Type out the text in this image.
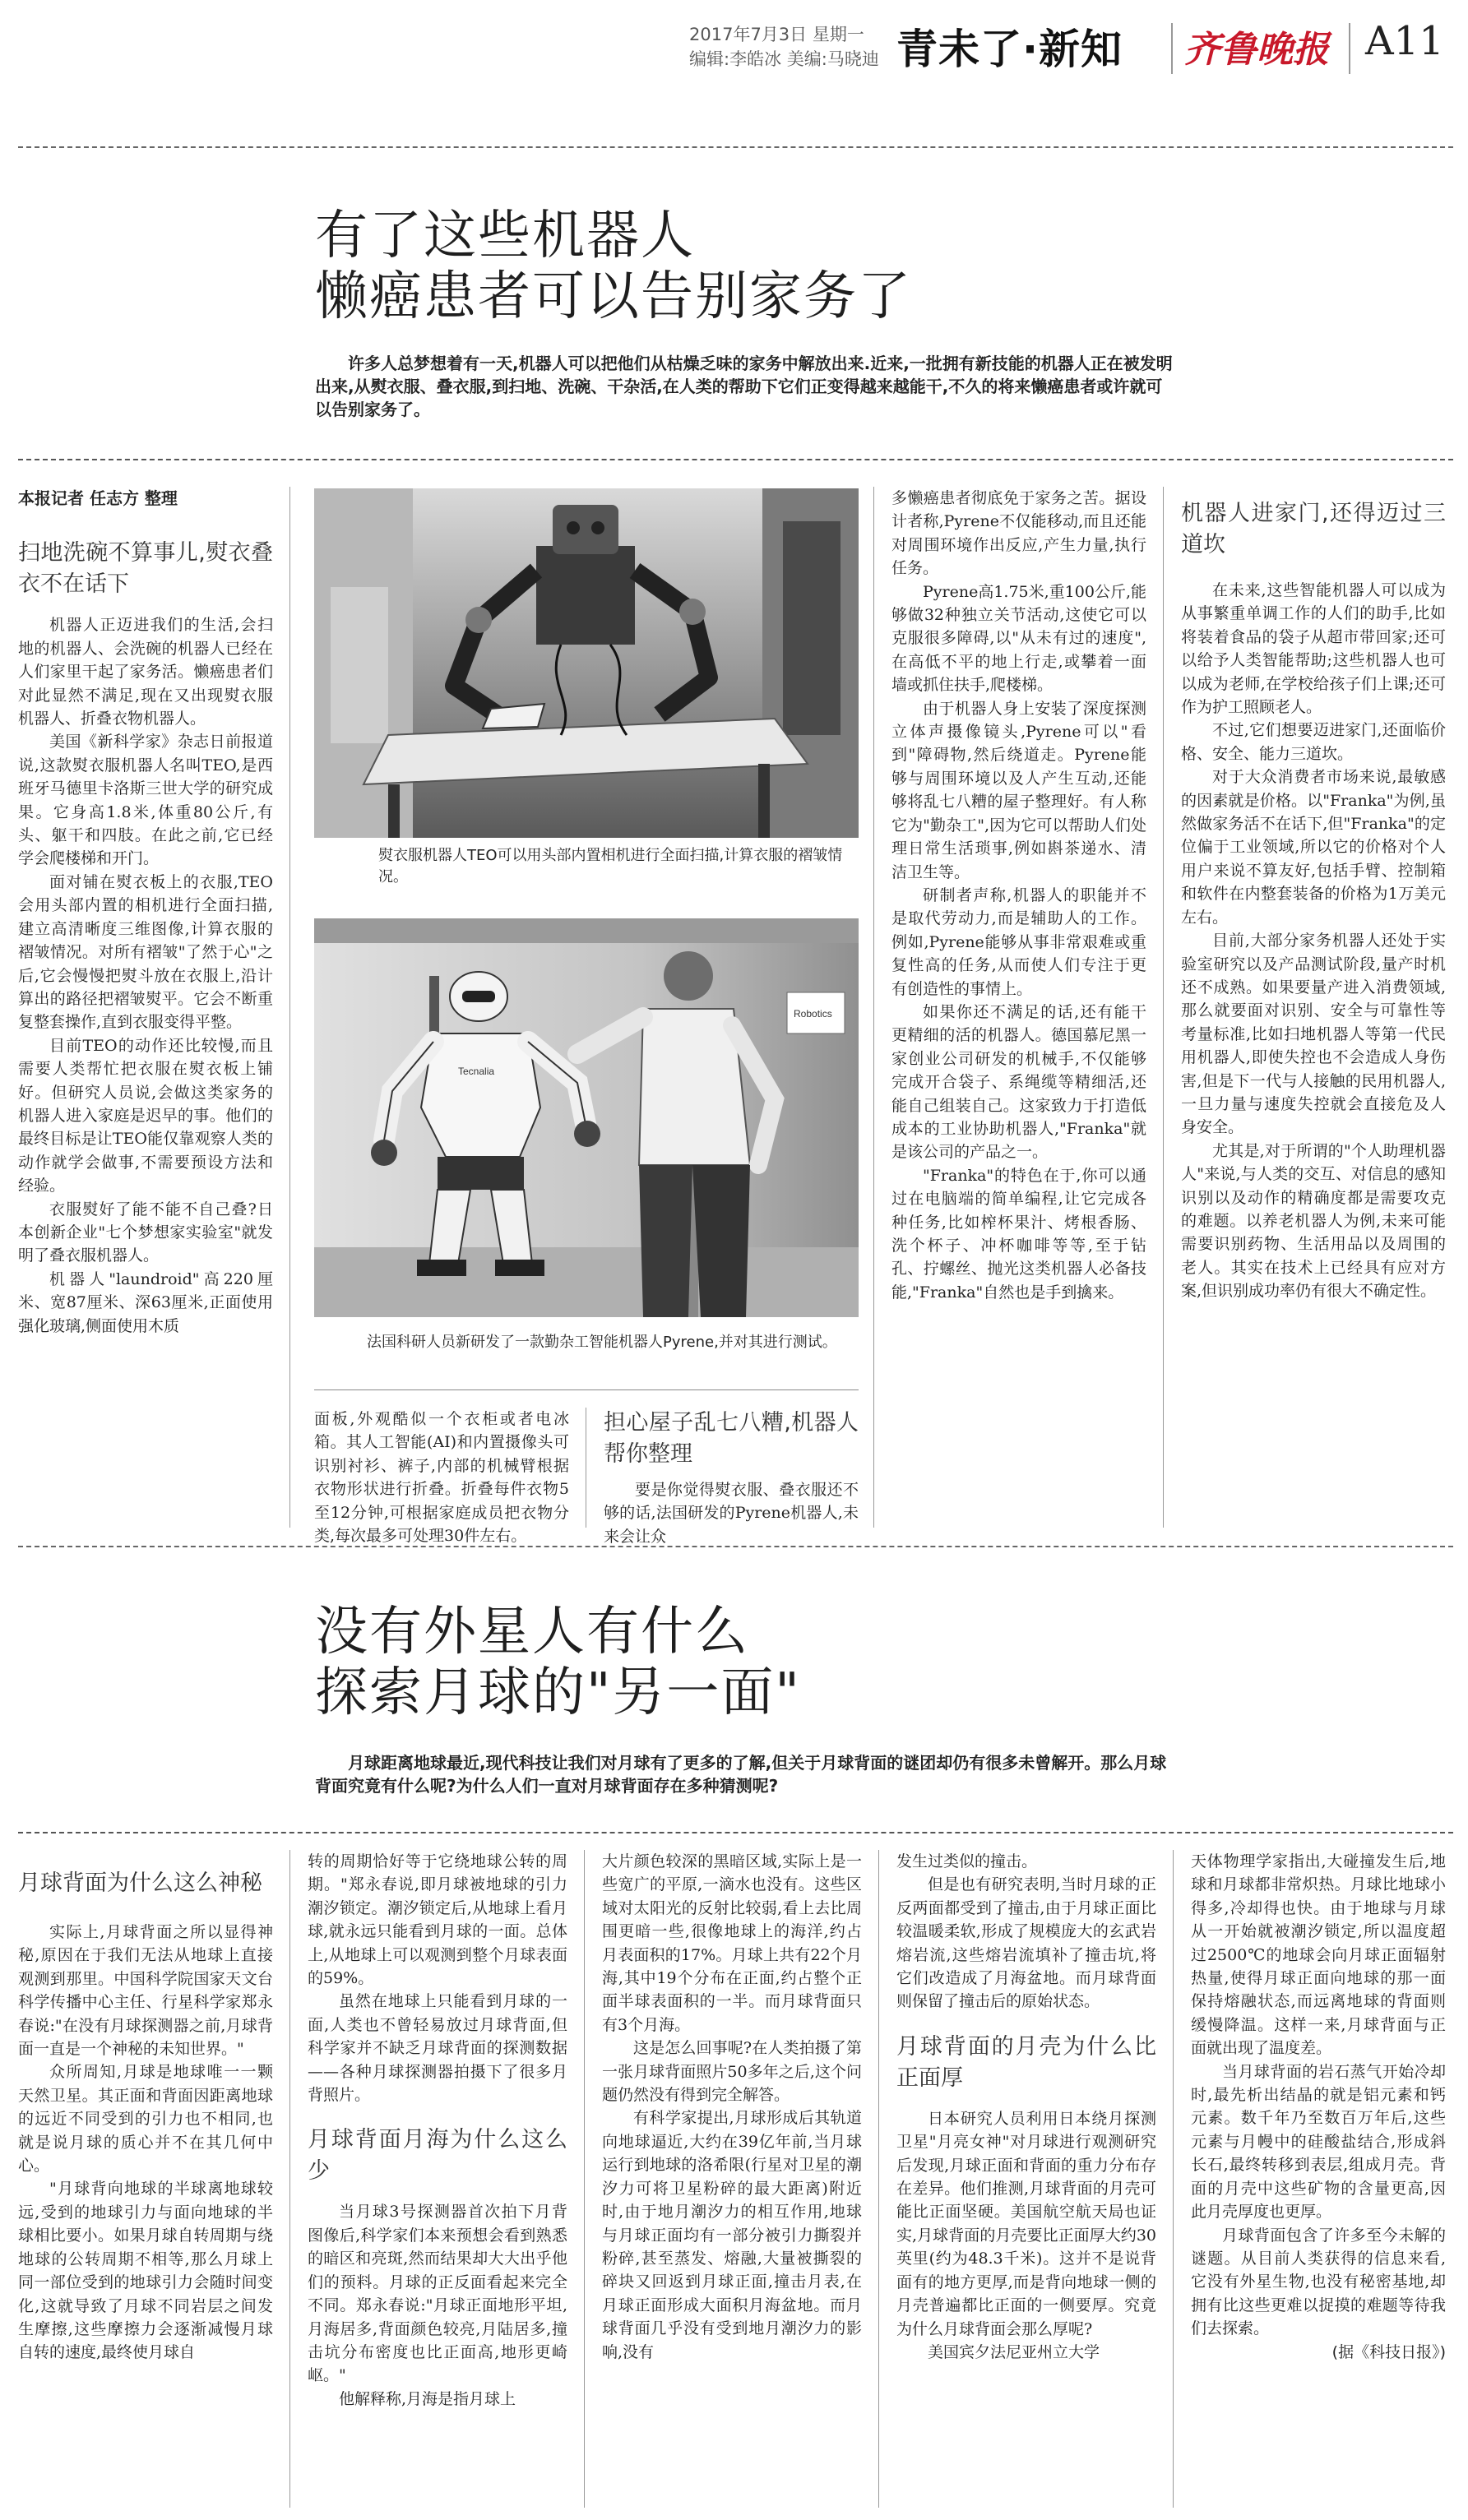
2017年7月3日 星期一
编辑:李皓冰 美编:马晓迪 青未了·新知 齐鲁晚报 A11
有了这些机器人
懒癌患者可以告别家务了
许多人总梦想着有一天,机器人可以把他们从枯燥乏味的家务中解放出来.近来,一批拥有新技能的机器人正在被发明出来,从熨衣服、叠衣服,到扫地、洗碗、干杂活,在人类的帮助下它们正变得越来越能干,不久的将来懒癌患者或许就可以告别家务了。
本报记者 任志方 整理
扫地洗碗不算事儿,熨衣叠衣不在话下

机器人正迈进我们的生活,会扫地的机器人、会洗碗的机器人已经在人们家里干起了家务活。懒癌患者们对此显然不满足,现在又出现熨衣服机器人、折叠衣物机器人。

美国《新科学家》杂志日前报道说,这款熨衣服机器人名叫TEO,是西班牙马德里卡洛斯三世大学的研究成果。它身高1.8米,体重80公斤,有头、躯干和四肢。在此之前,它已经学会爬楼梯和开门。

面对铺在熨衣板上的衣服,TEO会用头部内置的相机进行全面扫描,建立高清晰度三维图像,计算衣服的褶皱情况。对所有褶皱"了然于心"之后,它会慢慢把熨斗放在衣服上,沿计算出的路径把褶皱熨平。它会不断重复整套操作,直到衣服变得平整。

目前TEO的动作还比较慢,而且需要人类帮忙把衣服在熨衣板上铺好。但研究人员说,会做这类家务的机器人进入家庭是迟早的事。他们的最终目标是让TEO能仅靠观察人类的动作就学会做事,不需要预设方法和经验。

衣服熨好了能不能不自己叠?日本创新企业"七个梦想家实验室"就发明了叠衣服机器人。

机器人"laundroid"高220厘米、宽87厘米、深63厘米,正面使用强化玻璃,侧面使用木质

熨衣服机器人TEO可以用头部内置相机进行全面扫描,计算衣服的褶皱情况。
Tecnalia
Robotics
法国科研人员新研发了一款勤杂工智能机器人Pyrene,并对其进行测试。

面板,外观酷似一个衣柜或者电冰箱。其人工智能(AI)和内置摄像头可识别衬衫、裤子,内部的机械臂根据衣物形状进行折叠。折叠每件衣物5至12分钟,可根据家庭成员把衣物分类,每次最多可处理30件左右。

担心屋子乱七八糟,机器人帮你整理

要是你觉得熨衣服、叠衣服还不够的话,法国研发的Pyrene机器人,未来会让众

多懒癌患者彻底免于家务之苦。据设计者称,Pyrene不仅能移动,而且还能对周围环境作出反应,产生力量,执行任务。

Pyrene高1.75米,重100公斤,能够做32种独立关节活动,这使它可以克服很多障碍,以"从未有过的速度",在高低不平的地上行走,或攀着一面墙或抓住扶手,爬楼梯。

由于机器人身上安装了深度探测立体声摄像镜头,Pyrene可以"看到"障碍物,然后绕道走。Pyrene能够与周围环境以及人产生互动,还能够将乱七八糟的屋子整理好。有人称它为"勤杂工",因为它可以帮助人们处理日常生活琐事,例如斟茶递水、清洁卫生等。

研制者声称,机器人的职能并不是取代劳动力,而是辅助人的工作。例如,Pyrene能够从事非常艰难或重复性高的任务,从而使人们专注于更有创造性的事情上。

如果你还不满足的话,还有能干更精细的活的机器人。德国慕尼黑一家创业公司研发的机械手,不仅能够完成开合袋子、系绳缆等精细活,还能自己组装自己。这家致力于打造低成本的工业协助机器人,"Franka"就是该公司的产品之一。

"Franka"的特色在于,你可以通过在电脑端的简单编程,让它完成各种任务,比如榨杯果汁、烤根香肠、洗个杯子、冲杯咖啡等等,至于钻孔、拧螺丝、抛光这类机器人必备技能,"Franka"自然也是手到擒来。

机器人进家门,还得迈过三道坎

在未来,这些智能机器人可以成为从事繁重单调工作的人们的助手,比如将装着食品的袋子从超市带回家;还可以给予人类智能帮助;这些机器人也可以成为老师,在学校给孩子们上课;还可作为护工照顾老人。

不过,它们想要迈进家门,还面临价格、安全、能力三道坎。

对于大众消费者市场来说,最敏感的因素就是价格。以"Franka"为例,虽然做家务活不在话下,但"Franka"的定位偏于工业领域,所以它的价格对个人用户来说不算友好,包括手臂、控制箱和软件在内整套装备的价格为1万美元左右。

目前,大部分家务机器人还处于实验室研究以及产品测试阶段,量产时机还不成熟。如果要量产进入消费领域,那么就要面对识别、安全与可靠性等考量标准,比如扫地机器人等第一代民用机器人,即使失控也不会造成人身伤害,但是下一代与人接触的民用机器人,一旦力量与速度失控就会直接危及人身安全。

尤其是,对于所谓的"个人助理机器人"来说,与人类的交互、对信息的感知识别以及动作的精确度都是需要攻克的难题。以养老机器人为例,未来可能需要识别药物、生活用品以及周围的老人。其实在技术上已经具有应对方案,但识别成功率仍有很大不确定性。

没有外星人有什么
探索月球的"另一面"
月球距离地球最近,现代科技让我们对月球有了更多的了解,但关于月球背面的谜团却仍有很多未曾解开。那么月球背面究竟有什么呢?为什么人们一直对月球背面存在多种猜测呢?
月球背面为什么这么神秘

实际上,月球背面之所以显得神秘,原因在于我们无法从地球上直接观测到那里。中国科学院国家天文台科学传播中心主任、行星科学家郑永春说:"在没有月球探测器之前,月球背面一直是一个神秘的未知世界。"

众所周知,月球是地球唯一一颗天然卫星。其正面和背面因距离地球的远近不同受到的引力也不相同,也就是说月球的质心并不在其几何中心。

"月球背向地球的半球离地球较远,受到的地球引力与面向地球的半球相比要小。如果月球自转周期与绕地球的公转周期不相等,那么月球上同一部位受到的地球引力会随时间变化,这就导致了月球不同岩层之间发生摩擦,这些摩擦力会逐渐减慢月球自转的速度,最终使月球自

转的周期恰好等于它绕地球公转的周期。"郑永春说,即月球被地球的引力潮汐锁定。潮汐锁定后,从地球上看月球,就永远只能看到月球的一面。总体上,从地球上可以观测到整个月球表面的59%。

虽然在地球上只能看到月球的一面,人类也不曾轻易放过月球背面,但科学家并不缺乏月球背面的探测数据——各种月球探测器拍摄下了很多月背照片。

月球背面月海为什么这么少

当月球3号探测器首次拍下月背图像后,科学家们本来预想会看到熟悉的暗区和亮斑,然而结果却大大出乎他们的预料。月球的正反面看起来完全不同。郑永春说:"月球正面地形平坦,月海居多,背面颜色较亮,月陆居多,撞击坑分布密度也比正面高,地形更崎岖。"

他解释称,月海是指月球上

大片颜色较深的黑暗区域,实际上是一些宽广的平原,一滴水也没有。这些区域对太阳光的反射比较弱,看上去比周围更暗一些,很像地球上的海洋,约占月表面积的17%。月球上共有22个月海,其中19个分布在正面,约占整个正面半球表面积的一半。而月球背面只有3个月海。

这是怎么回事呢?在人类拍摄了第一张月球背面照片50多年之后,这个问题仍然没有得到完全解答。

有科学家提出,月球形成后其轨道向地球逼近,大约在39亿年前,当月球运行到地球的洛希限(行星对卫星的潮汐力可将卫星粉碎的最大距离)附近时,由于地月潮汐力的相互作用,地球与月球正面均有一部分被引力撕裂并粉碎,甚至蒸发、熔融,大量被撕裂的碎块又回返到月球正面,撞击月表,在月球正面形成大面积月海盆地。而月球背面几乎没有受到地月潮汐力的影响,没有

发生过类似的撞击。

但是也有研究表明,当时月球的正反两面都受到了撞击,由于月球正面比较温暖柔软,形成了规模庞大的玄武岩熔岩流,这些熔岩流填补了撞击坑,将它们改造成了月海盆地。而月球背面则保留了撞击后的原始状态。

月球背面的月壳为什么比正面厚

日本研究人员利用日本绕月探测卫星"月亮女神"对月球进行观测研究后发现,月球正面和背面的重力分布存在差异。他们推测,月球背面的月壳可能比正面坚硬。美国航空航天局也证实,月球背面的月壳要比正面厚大约30英里(约为48.3千米)。这并不是说背面有的地方更厚,而是背向地球一侧的月壳普遍都比正面的一侧要厚。究竟为什么月球背面会那么厚呢?

美国宾夕法尼亚州立大学

天体物理学家指出,大碰撞发生后,地球和月球都非常炽热。月球比地球小得多,冷却得也快。由于地球与月球从一开始就被潮汐锁定,所以温度超过2500℃的地球会向月球正面辐射热量,使得月球正面向地球的那一面保持熔融状态,而远离地球的背面则缓慢降温。这样一来,月球背面与正面就出现了温度差。

当月球背面的岩石蒸气开始冷却时,最先析出结晶的就是铝元素和钙元素。数千年乃至数百万年后,这些元素与月幔中的硅酸盐结合,形成斜长石,最终转移到表层,组成月壳。背面的月壳中这些矿物的含量更高,因此月壳厚度也更厚。

月球背面包含了许多至今未解的谜题。从目前人类获得的信息来看,它没有外星生物,也没有秘密基地,却拥有比这些更难以捉摸的难题等待我们去探索。

(据《科技日报》)
